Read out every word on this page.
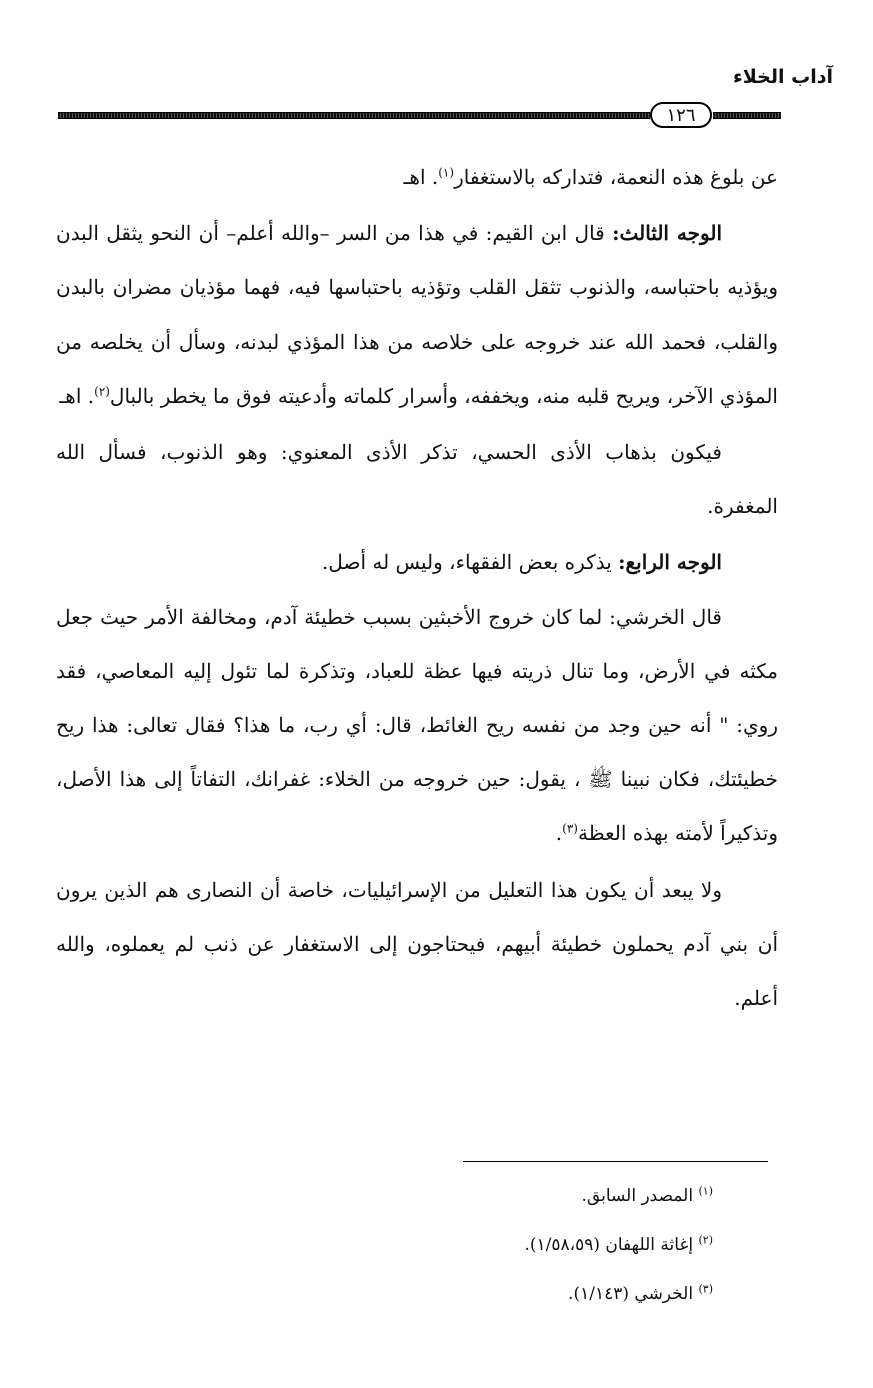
آداب الخلاء
١٢٦

عن بلوغ هذه النعمة، فتداركه بالاستغفار$^{(١)}$. اهـ

الوجه الثالث: قال ابن القيم: في هذا من السر –والله أعلم– أن النحو يثقل البدن ويؤذيه باحتباسه، والذنوب تثقل القلب وتؤذيه باحتباسها فيه، فهما مؤذيان مضران بالبدن والقلب، فحمد الله عند خروجه على خلاصه من هذا المؤذي لبدنه، وسأل أن يخلصه من المؤذي الآخر، ويريح قلبه منه، ويخففه، وأسرار كلماته وأدعيته فوق ما يخطر بالبال$^{(٢)}$. اهـ

فيكون بذهاب الأذى الحسي، تذكر الأذى المعنوي: وهو الذنوب، فسأل الله المغفرة.

الوجه الرابع: يذكره بعض الفقهاء، وليس له أصل.

قال الخرشي: لما كان خروج الأخبثين بسبب خطيئة آدم، ومخالفة الأمر حيث جعل مكثه في الأرض، وما تنال ذريته فيها عظة للعباد، وتذكرة لما تئول إليه المعاصي، فقد روي: " أنه حين وجد من نفسه ريح الغائط، قال: أي رب، ما هذا؟ فقال تعالى: هذا ريح خطيئتك، فكان نبينا ﷺ ، يقول: حين خروجه من الخلاء: غفرانك، التفاتاً إلى هذا الأصل، وتذكيراً لأمته بهذه العظة$^{(٣)}$.

ولا يبعد أن يكون هذا التعليل من الإسرائيليات، خاصة أن النصارى هم الذين يرون أن بني آدم يحملون خطيئة أبيهم، فيحتاجون إلى الاستغفار عن ذنب لم يعملوه، والله أعلم.

$^{(١)}$ المصدر السابق.
$^{(٢)}$ إغاثة اللهفان (١/٥٨،٥٩).
$^{(٣)}$ الخرشي (١/١٤٣).
